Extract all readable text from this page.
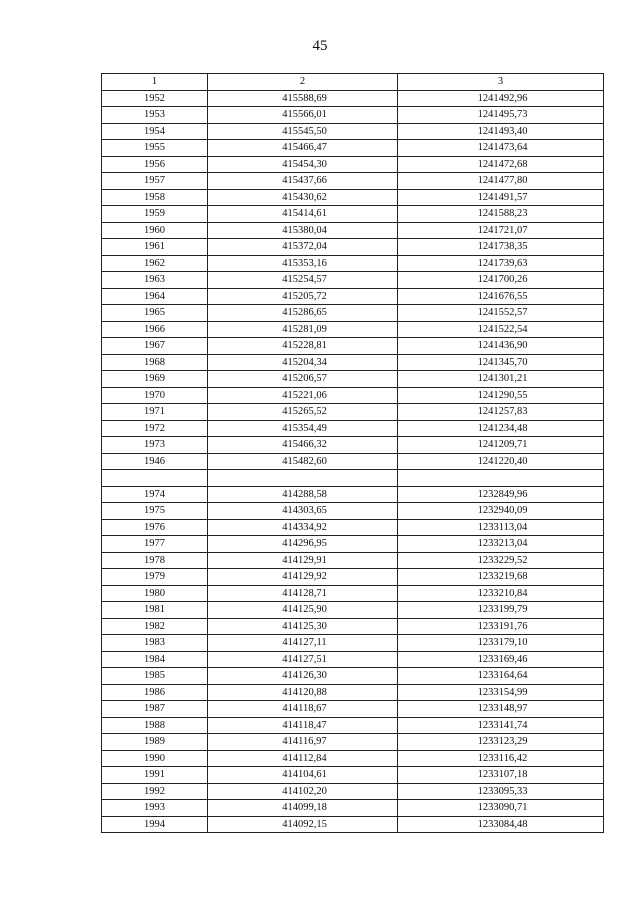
45
1	2	3
1952	415588,69	1241492,96
1953	415566,01	1241495,73
1954	415545,50	1241493,40
1955	415466,47	1241473,64
1956	415454,30	1241472,68
1957	415437,66	1241477,80
1958	415430,62	1241491,57
1959	415414,61	1241588,23
1960	415380,04	1241721,07
1961	415372,04	1241738,35
1962	415353,16	1241739,63
1963	415254,57	1241700,26
1964	415205,72	1241676,55
1965	415286,65	1241552,57
1966	415281,09	1241522,54
1967	415228,81	1241436,90
1968	415204,34	1241345,70
1969	415206,57	1241301,21
1970	415221,06	1241290,55
1971	415265,52	1241257,83
1972	415354,49	1241234,48
1973	415466,32	1241209,71
1946	415482,60	1241220,40

1974	414288,58	1232849,96
1975	414303,65	1232940,09
1976	414334,92	1233113,04
1977	414296,95	1233213,04
1978	414129,91	1233229,52
1979	414129,92	1233219,68
1980	414128,71	1233210,84
1981	414125,90	1233199,79
1982	414125,30	1233191,76
1983	414127,11	1233179,10
1984	414127,51	1233169,46
1985	414126,30	1233164,64
1986	414120,88	1233154,99
1987	414118,67	1233148,97
1988	414118,47	1233141,74
1989	414116,97	1233123,29
1990	414112,84	1233116,42
1991	414104,61	1233107,18
1992	414102,20	1233095,33
1993	414099,18	1233090,71
1994	414092,15	1233084,48
